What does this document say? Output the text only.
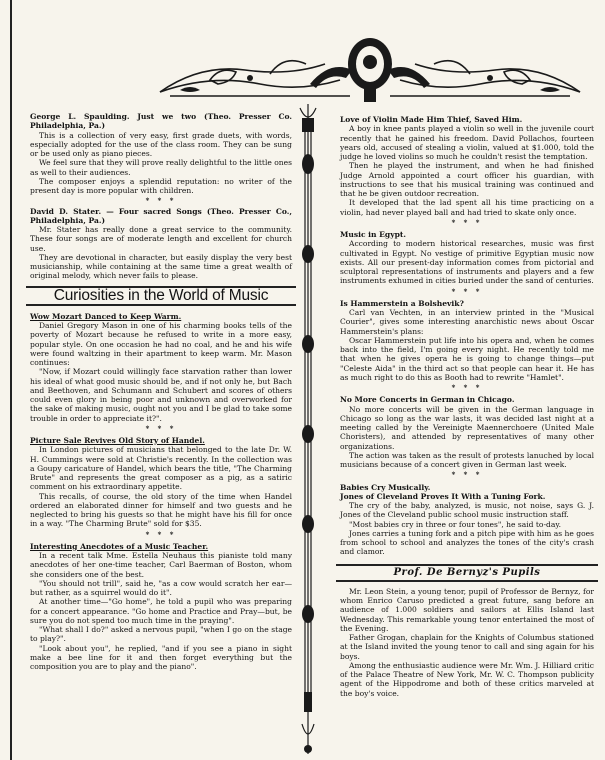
George L. Spaulding. Just we two (Theo. Presser Co. Philadelphia, Pa.)

This is a collection of very easy, first grade duets, with words, especially adopted for the use of the class room. They can be sung or be used only as piano pieces.

We feel sure that they will prove really delightful to the little ones as well to their audiences.

The composer enjoys a splendid reputation: no writer of the present day is more popular with children.

* * *

David D. Stater. — Four sacred Songs (Theo. Presser Co., Philadelphia, Pa.)

Mr. Stater has really done a great service to the community. These four songs are of moderate length and excellent for church use.

They are devotional in character, but easily display the very best musicianship, while containing at the same time a great wealth of original melody, which never fails to please.

Curiosities in the World of Music

Wow Mozart Danced to Keep Warm.

Daniel Gregory Mason in one of his charming books tells of the poverty of Mozart because he refused to write in a more easy, popular style. On one occasion he had no coal, and he and his wife were found waltzing in their apartment to keep warm. Mr. Mason continues:

"Now, if Mozart could willingly face starvation rather than lower his ideal of what good music should be, and if not only he, but Bach and Beethoven, and Schumann and Schubert and scores of others could even glory in being poor and unknown and overworked for the sake of making music, ought not you and I be glad to take some trouble in order to appreciate it?".

* * *

Picture Sale Revives Old Story of Handel.

In London pictures of musicians that belonged to the late Dr. W. H. Cummings were sold at Christie's recently. In the collection was a Goupy caricature of Handel, which bears the title, "The Charming Brute" and represents the great composer as a pig, as a satiric comment on his extraordinary appetite.

This recalls, of course, the old story of the time when Handel ordered an elaborated dinner for himself and two guests and he neglected to bring his guests so that he might have his fill for once in a way. "The Charming Brute" sold for $35.

* * *

Interesting Anecdotes of a Music Teacher.

In a recent talk Mme. Estella Neuhaus this pianiste told many anecdotes of her one-time teacher, Carl Baerman of Boston, whom she considers one of the best.

"You should not trill", said he, "as a cow would scratch her ear—but rather, as a squirrel would do it".

At another time—"Go home", he told a pupil who was preparing for a concert appearance. "Go home and Practice and Pray—but, be sure you do not spend too much time in the praying".

"What shall I do?" asked a nervous pupil, "when I go on the stage to play?".

"Look about you", he replied, "and if you see a piano in sight make a bee line for it and then forget everything but the composition you are to play and the piano".

Love of Violin Made Him Thief, Saved Him.

A boy in knee pants played a violin so well in the juvenile court recently that he gained his freedom. David Pollachos, fourteen years old, accused of stealing a violin, valued at $1.000, told the judge he loved violins so much he couldn't resist the temptation.

Then he played the instrument, and when he had finished Judge Arnold appointed a court officer his guardian, with instructions to see that his musical training was continued and that he be given outdoor recreation.

It developed that the lad spent all his time practicing on a violin, had never played ball and had tried to skate only once.

* * *

Music in Egypt.

According to modern historical researches, music was first cultivated in Egypt. No vestige of primitive Egyptian music now exists. All our present-day information comes from pictorial and sculptoral representations of instruments and players and a few instruments exhumed in cities buried under the sand of centuries.

* * *

Is Hammerstein a Bolshevik?

Carl van Vechten, in an interview printed in the "Musical Courier", gives some interesting anarchistic news about Oscar Hammerstein's plans:

Oscar Hammerstein put life into his opera and, when he comes back into the field, I'm going every night. He recently told me that when he gives opera he is going to change things—put "Celeste Aida" in the third act so that people can hear it. He has as much right to do this as Booth had to rewrite "Hamlet".

* * *

No More Concerts in German in Chicago.

No more concerts will be given in the German language in Chicago so long as the war lasts, it was decided last night at a meeting called by the Vereinigte Maennerchoere (United Male Choristers), and attended by representatives of many other organizations.

The action was taken as the result of protests lanuched by local musicians because of a concert given in German last week.

* * *

Babies Cry Musically.

Jones of Cleveland Proves It With a Tuning Fork.

The cry of the baby, analyzed, is music, not noise, says G. J. Jones of the Cleveland public school music instruction staff.

"Most babies cry in three or four tones", he said to-day.

Jones carries a tuning fork and a pitch pipe with him as he goes from school to school and analyzes the tones of the city's crash and clamor.

Prof. De Bernyz's Pupils

Mr. Leon Stein, a young tenor, pupil of Professor de Bernyz, for whom Enrico Caruso predicted a great future, sang before an audience of 1.000 soldiers and sailors at Ellis Island last Wednesday. This remarkable young tenor entertained the most of the Evening.

Father Grogan, chaplain for the Knights of Columbus stationed at the Island invited the young tenor to call and sing again for his boys.

Among the enthusiastic audience were Mr. Wm. J. Hilliard critic of the Palace Theatre of New York, Mr. W. C. Thompson publicity agent of the Hippodrome and both of these critics marveled at the boy's voice.
